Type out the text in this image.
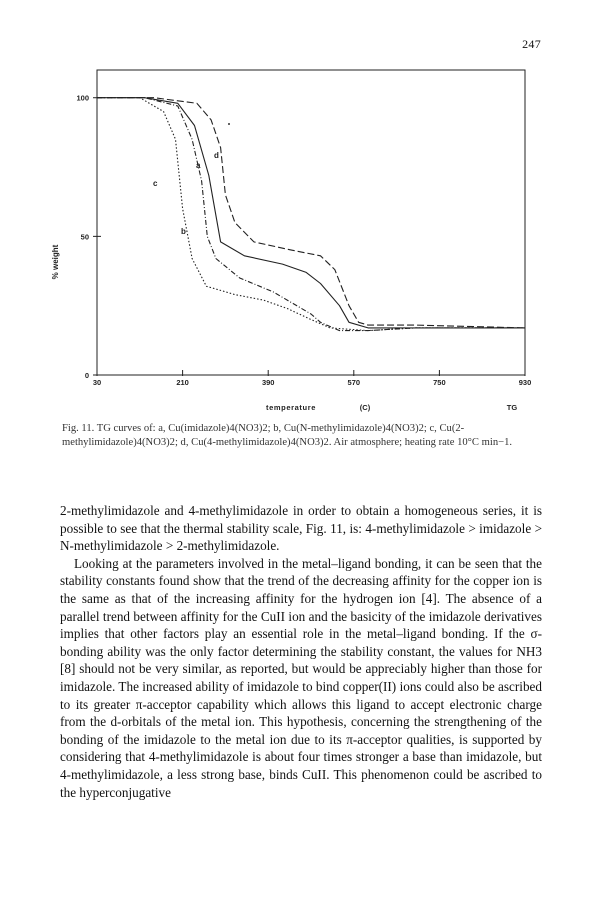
247
30	210	390	570	750	930
0
50
100
a
b
c
d
% weight
temperature	(C)	TG
Fig. 11. TG curves of: a, Cu(imidazole)4(NO3)2; b, Cu(N-methylimidazole)4(NO3)2; c, Cu(2-methylimidazole)4(NO3)2; d, Cu(4-methylimidazole)4(NO3)2. Air atmosphere; heating rate 10°C min−1.

2-methylimidazole and 4-methylimidazole in order to obtain a homogeneous series, it is possible to see that the thermal stability scale, Fig. 11, is: 4-methylimidazole > imidazole > N-methylimidazole > 2-methylimidazole.

Looking at the parameters involved in the metal–ligand bonding, it can be seen that the stability constants found show that the trend of the decreasing affinity for the copper ion is the same as that of the increasing affinity for the hydrogen ion [4]. The absence of a parallel trend between affinity for the CuII ion and the basicity of the imidazole derivatives implies that other factors play an essential role in the metal–ligand bonding. If the σ-bonding ability was the only factor determining the stability constant, the values for NH3 [8] should not be very similar, as reported, but would be appreciably higher than those for imidazole. The increased ability of imidazole to bind copper(II) ions could also be ascribed to its greater π-acceptor capability which allows this ligand to accept electronic charge from the d-orbitals of the metal ion. This hypothesis, concerning the strengthening of the bonding of the imidazole to the metal ion due to its π-acceptor qualities, is supported by considering that 4-methylimidazole is about four times stronger a base than imidazole, but 4-methylimidazole, a less strong base, binds CuII. This phenomenon could be ascribed to the hyperconjugative
